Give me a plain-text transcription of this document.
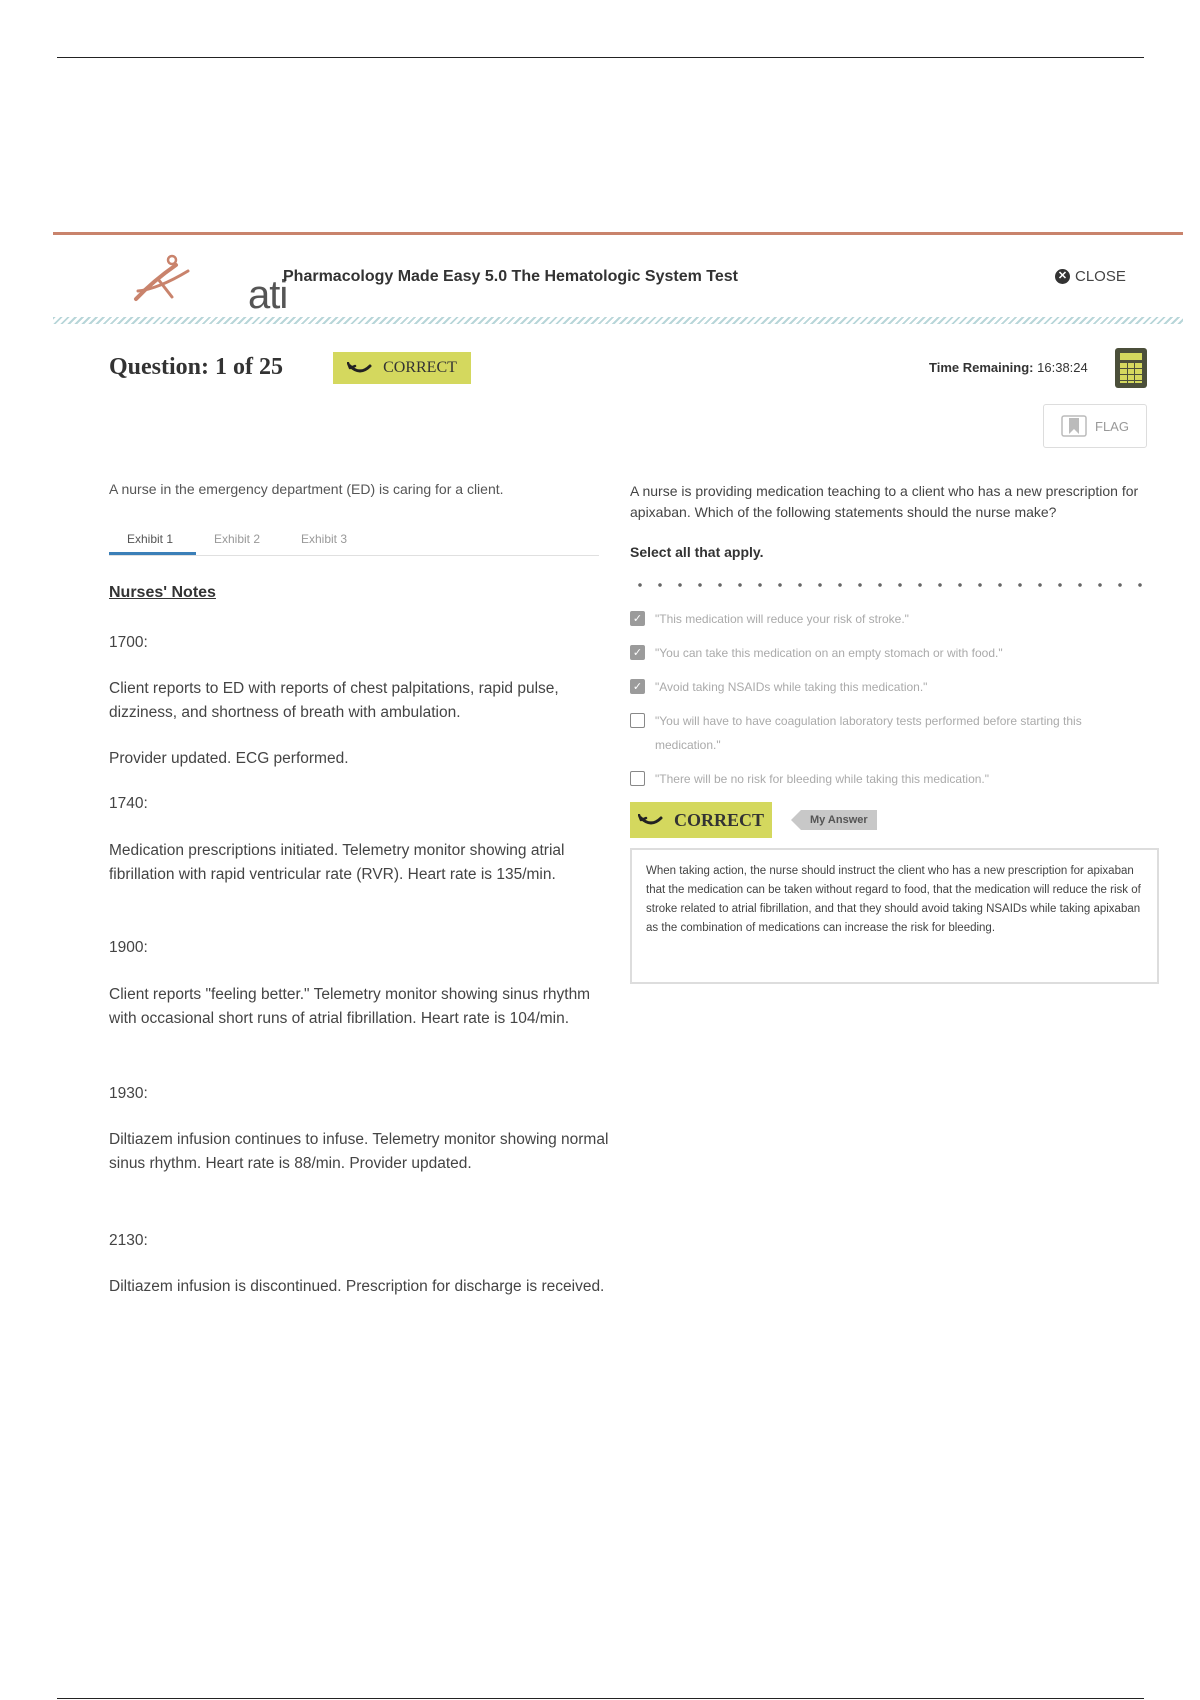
ati
Pharmacology Made Easy 5.0 The Hematologic System Test	✕ CLOSE
Question: 1 of 25	CORRECT	Time Remaining: 16:38:24
FLAG
A nurse in the emergency department (ED) is caring for a client.
Exhibit 1	Exhibit 2	Exhibit 3
Nurses' Notes
1700:
Client reports to ED with reports of chest palpitations, rapid pulse, dizziness, and shortness of breath with ambulation.
Provider updated. ECG performed.
1740:
Medication prescriptions initiated. Telemetry monitor showing atrial fibrillation with rapid ventricular rate (RVR). Heart rate is 135/min.
1900:
Client reports "feeling better." Telemetry monitor showing sinus rhythm with occasional short runs of atrial fibrillation. Heart rate is 104/min.
1930:
Diltiazem infusion continues to infuse. Telemetry monitor showing normal sinus rhythm. Heart rate is 88/min. Provider updated.
2130:
Diltiazem infusion is discontinued. Prescription for discharge is received.
A nurse is providing medication teaching to a client who has a new prescription for apixaban. Which of the following statements should the nurse make?
Select all that apply.
✓ "This medication will reduce your risk of stroke."
✓ "You can take this medication on an empty stomach or with food."
✓ "Avoid taking NSAIDs while taking this medication."
"You will have to have coagulation laboratory tests performed before starting this medication."
"There will be no risk for bleeding while taking this medication."
CORRECT	My Answer
When taking action, the nurse should instruct the client who has a new prescription for apixaban that the medication can be taken without regard to food, that the medication will reduce the risk of stroke related to atrial fibrillation, and that they should avoid taking NSAIDs while taking apixaban as the combination of medications can increase the risk for bleeding.
